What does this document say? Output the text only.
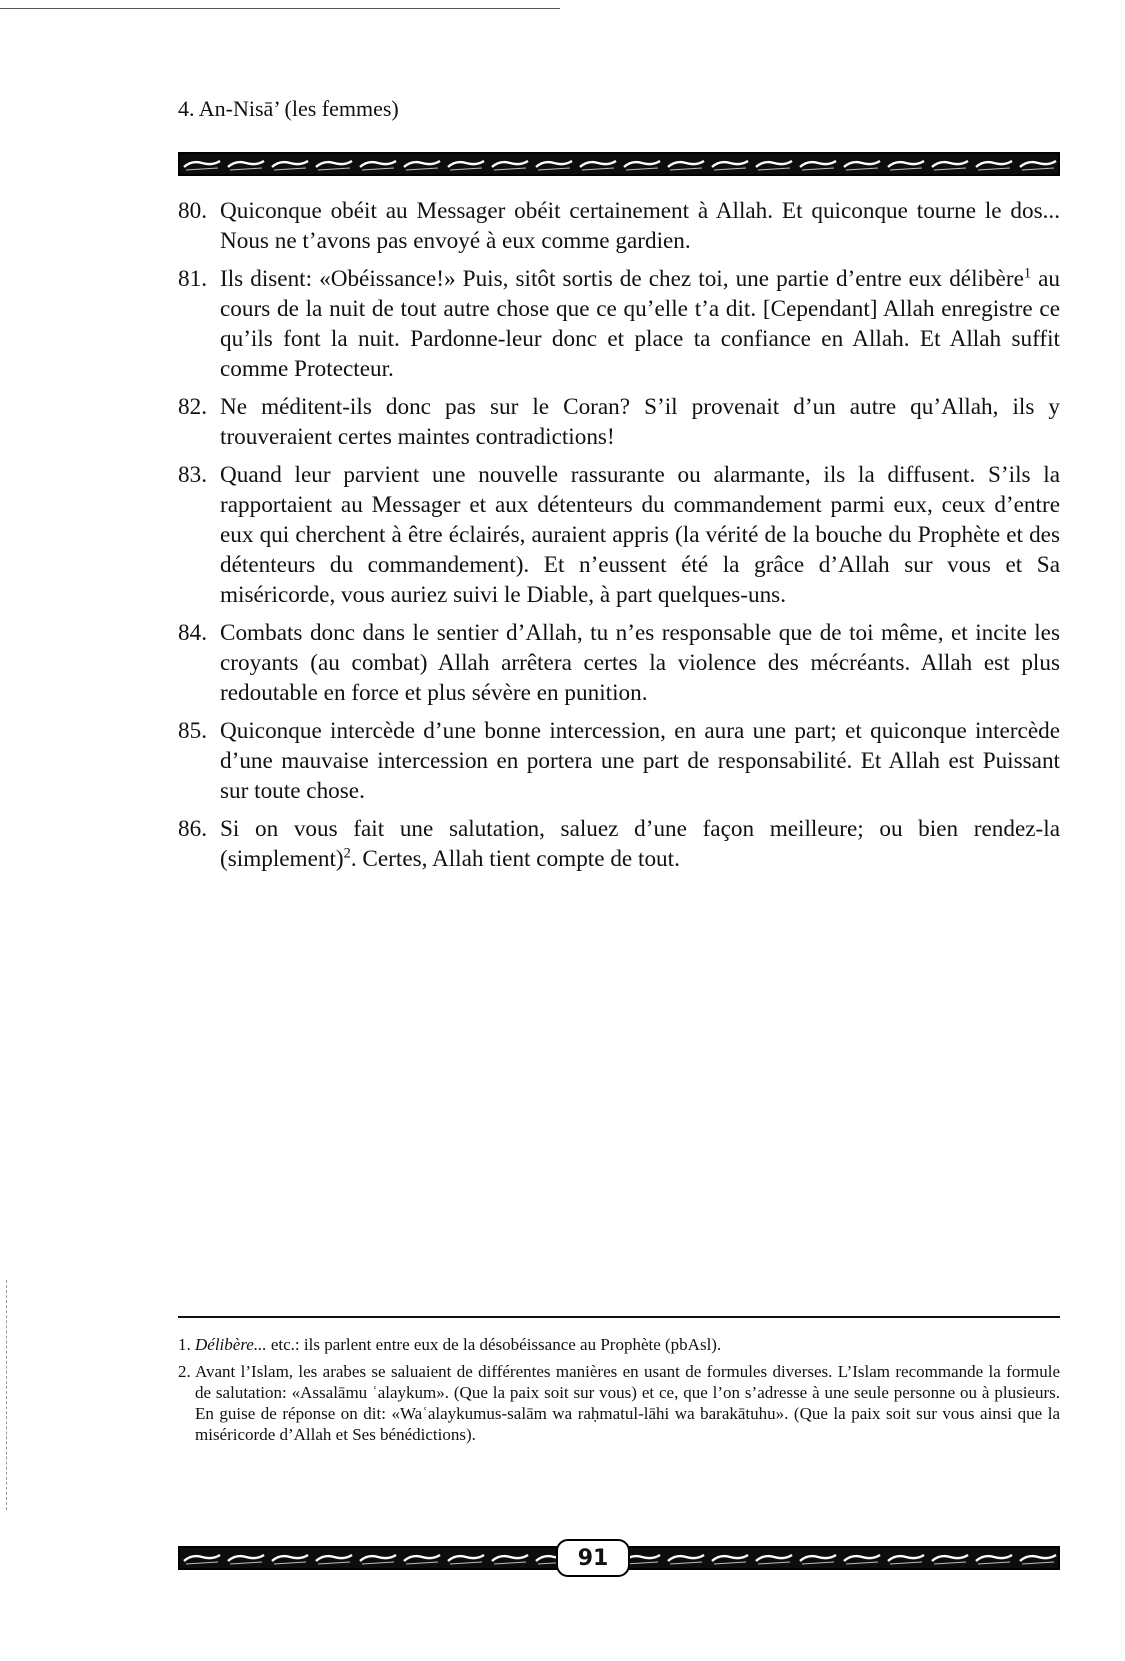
4. An-Nisā’ (les femmes)
80. Quiconque obéit au Messager obéit certainement à Allah. Et quiconque tourne le dos... Nous ne t’avons pas envoyé à eux comme gardien.
81. Ils disent: «Obéissance!» Puis, sitôt sortis de chez toi, une partie d’entre eux délibère$^1$ au cours de la nuit de tout autre chose que ce qu’elle t’a dit. [Cependant] Allah enregistre ce qu’ils font la nuit. Pardonne-leur donc et place ta confiance en Allah. Et Allah suffit comme Protecteur.
82. Ne méditent-ils donc pas sur le Coran? S’il provenait d’un autre qu’Allah, ils y trouveraient certes maintes contradictions!
83. Quand leur parvient une nouvelle rassurante ou alarmante, ils la diffusent. S’ils la rapportaient au Messager et aux détenteurs du commandement parmi eux, ceux d’entre eux qui cherchent à être éclairés, auraient appris (la vérité de la bouche du Prophète et des détenteurs du commandement). Et n’eussent été la grâce d’Allah sur vous et Sa miséricorde, vous auriez suivi le Diable, à part quelques-uns.
84. Combats donc dans le sentier d’Allah, tu n’es responsable que de toi même, et incite les croyants (au combat) Allah arrêtera certes la violence des mécréants. Allah est plus redoutable en force et plus sévère en punition.
85. Quiconque intercède d’une bonne intercession, en aura une part; et quiconque intercède d’une mauvaise intercession en portera une part de responsabilité. Et Allah est Puissant sur toute chose.
86. Si on vous fait une salutation, saluez d’une façon meilleure; ou bien rendez-la (simplement)$^2$. Certes, Allah tient compte de tout.
1. Délibère... etc.: ils parlent entre eux de la désobéissance au Prophète (pbAsl).
2. Avant l’Islam, les arabes se saluaient de différentes manières en usant de formules diverses. L’Islam recommande la formule de salutation: «Assalāmu ʿalaykum». (Que la paix soit sur vous) et ce, que l’on s’adresse à une seule personne ou à plusieurs. En guise de réponse on dit: «Waʿalaykumus-salām wa raḥmatul-lāhi wa barakātuhu». (Que la paix soit sur vous ainsi que la miséricorde d’Allah et Ses bénédictions).
91
